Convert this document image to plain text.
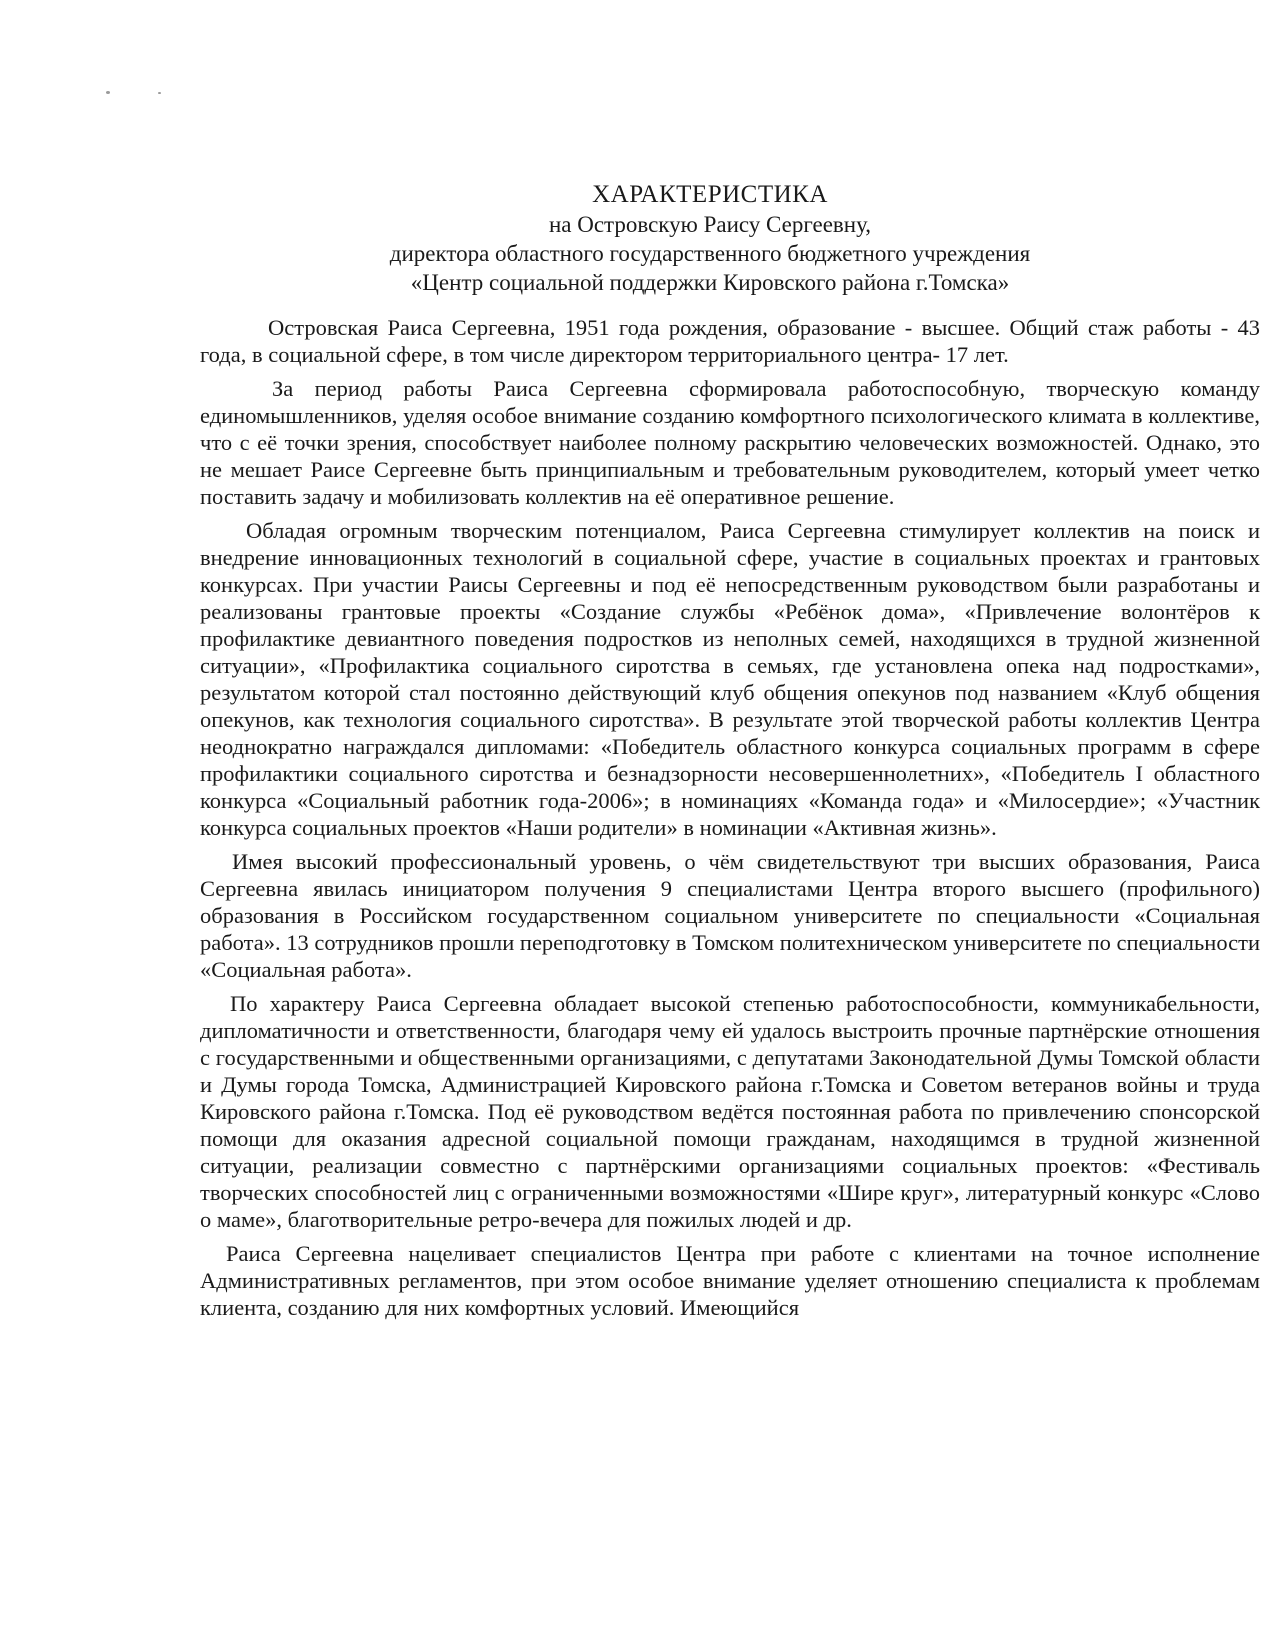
ХАРАКТЕРИСТИКА
на Островскую Раису Сергеевну,
директора областного государственного бюджетного учреждения
«Центр социальной поддержки Кировского района г.Томска»

Островская Раиса Сергеевна, 1951 года рождения, образование - высшее. Общий стаж работы - 43 года, в социальной сфере, в том числе директором территориального центра- 17 лет.

За период работы Раиса Сергеевна сформировала работоспособную, творческую команду единомышленников, уделяя особое внимание созданию комфортного психологического климата в коллективе, что с её точки зрения, способствует наиболее полному раскрытию человеческих возможностей. Однако, это не мешает Раисе Сергеевне быть принципиальным и требовательным руководителем, который умеет четко поставить задачу и мобилизовать коллектив на её оперативное решение.

Обладая огромным творческим потенциалом, Раиса Сергеевна стимулирует коллектив на поиск и внедрение инновационных технологий в социальной сфере, участие в социальных проектах и грантовых конкурсах. При участии Раисы Сергеевны и под её непосредственным руководством были разработаны и реализованы грантовые проекты «Создание службы «Ребёнок дома», «Привлечение волонтёров к профилактике девиантного поведения подростков из неполных семей, находящихся в трудной жизненной ситуации», «Профилактика социального сиротства в семьях, где установлена опека над подростками», результатом которой стал постоянно действующий клуб общения опекунов под названием «Клуб общения опекунов, как технология социального сиротства». В результате этой творческой работы коллектив Центра неоднократно награждался дипломами: «Победитель областного конкурса социальных программ в сфере профилактики социального сиротства и безнадзорности несовершеннолетних», «Победитель I областного конкурса «Социальный работник года-2006»; в номинациях «Команда года» и «Милосердие»; «Участник конкурса социальных проектов «Наши родители» в номинации «Активная жизнь».

Имея высокий профессиональный уровень, о чём свидетельствуют три высших образования, Раиса Сергеевна явилась инициатором получения 9 специалистами Центра второго высшего (профильного) образования в Российском государственном социальном университете по специальности «Социальная работа». 13 сотрудников прошли переподготовку в Томском политехническом университете по специальности «Социальная работа».

По характеру Раиса Сергеевна обладает высокой степенью работоспособности, коммуникабельности, дипломатичности и ответственности, благодаря чему ей удалось выстроить прочные партнёрские отношения с государственными и общественными организациями, с депутатами Законодательной Думы Томской области и Думы города Томска, Администрацией Кировского района г.Томска и Советом ветеранов войны и труда Кировского района г.Томска. Под её руководством ведётся постоянная работа по привлечению спонсорской помощи для оказания адресной социальной помощи гражданам, находящимся в трудной жизненной ситуации, реализации совместно с партнёрскими организациями социальных проектов: «Фестиваль творческих способностей лиц с ограниченными возможностями «Шире круг», литературный конкурс «Слово о маме», благотворительные ретро-вечера для пожилых людей и др.

Раиса Сергеевна нацеливает специалистов Центра при работе с клиентами на точное исполнение Административных регламентов, при этом особое внимание уделяет отношению специалиста к проблемам клиента, созданию для них комфортных условий. Имеющийся
